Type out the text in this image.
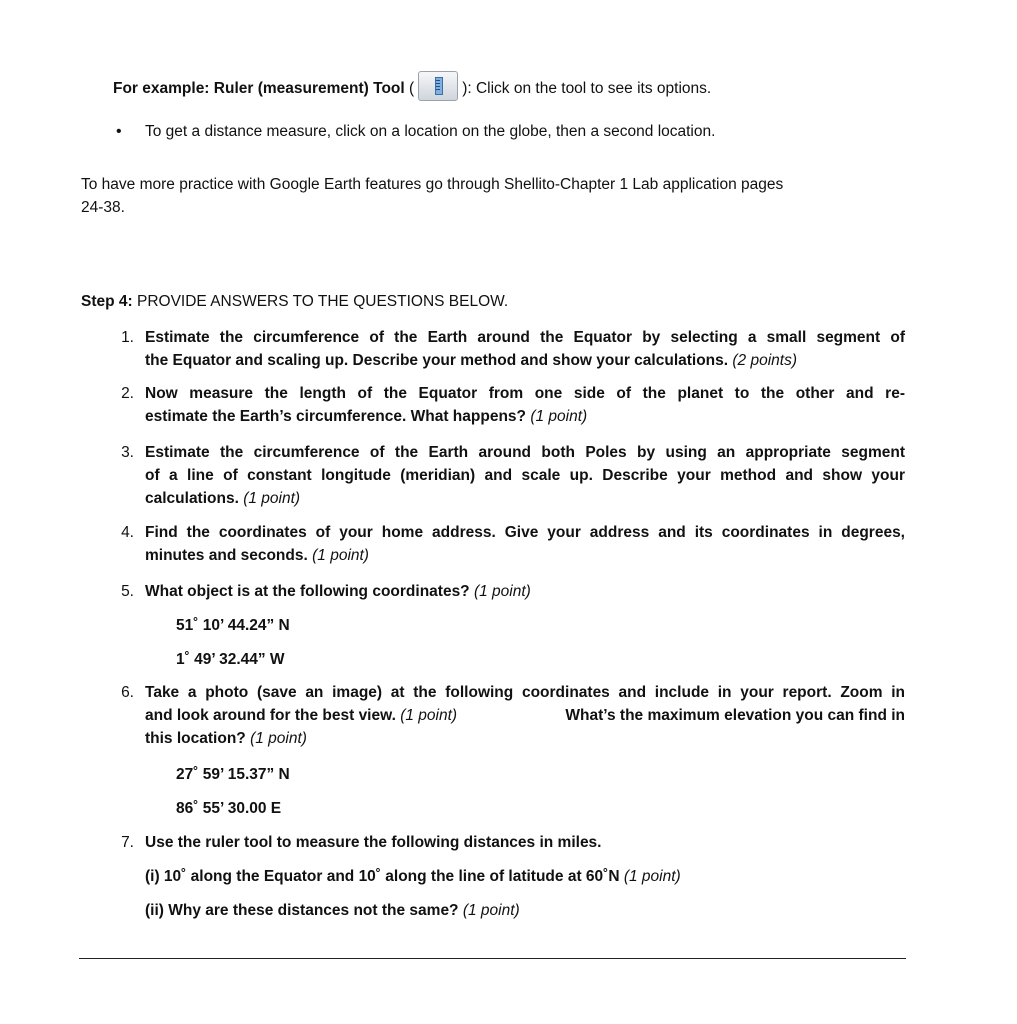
For example: Ruler (measurement) Tool (	): Click on the tool to see its options.
• To get a distance measure, click on a location on the globe, then a second location.
To have more practice with Google Earth features go through Shellito-Chapter 1 Lab application pages
24-38.
Step 4: PROVIDE ANSWERS TO THE QUESTIONS BELOW.
1. Estimate the circumference of the Earth around the Equator by selecting a small segment of
the Equator and scaling up. Describe your method and show your calculations. (2 points)
2. Now measure the length of the Equator from one side of the planet to the other and re-
estimate the Earth’s circumference. What happens? (1 point)
3. Estimate the circumference of the Earth around both Poles by using an appropriate segment
of a line of constant longitude (meridian) and scale up. Describe your method and show your
calculations. (1 point)
4. Find the coordinates of your home address. Give your address and its coordinates in degrees,
minutes and seconds. (1 point)
5. What object is at the following coordinates? (1 point)
51˚ 10’ 44.24” N
1˚ 49’ 32.44” W
6. Take a photo (save an image) at the following coordinates and include in your report. Zoom in
and look around for the best view. (1 point)	What’s the maximum elevation you can find in
this location? (1 point)
27˚ 59’ 15.37” N
86˚ 55’ 30.00 E
7. Use the ruler tool to measure the following distances in miles.
(i) 10˚ along the Equator and 10˚ along the line of latitude at 60˚N (1 point)
(ii) Why are these distances not the same? (1 point)
